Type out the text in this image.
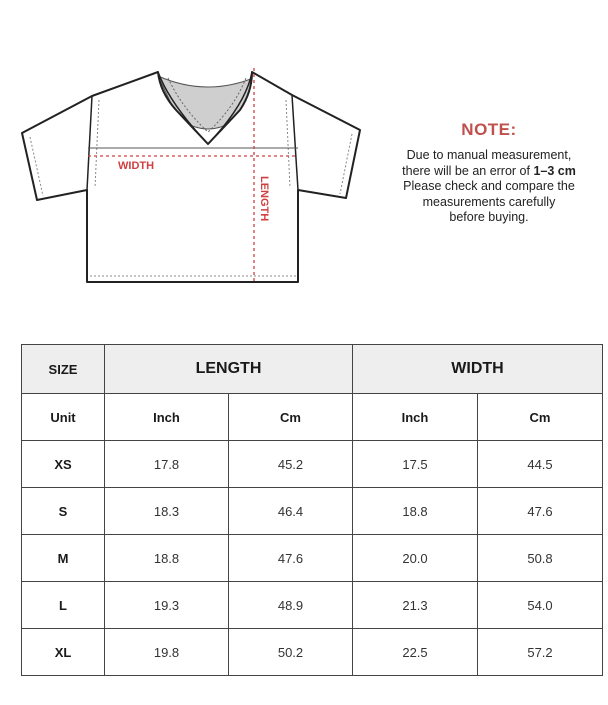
WIDTH
LENGTH
NOTE:
Due to manual measurement,
there will be an error of 1–3 cm
Please check and compare the
measurements carefully
before buying.
SIZE	LENGTH		WIDTH	
Unit	Inch	Cm	Inch	Cm
XS	17.8	45.2	17.5	44.5
S	18.3	46.4	18.8	47.6
M	18.8	47.6	20.0	50.8
L	19.3	48.9	21.3	54.0
XL	19.8	50.2	22.5	57.2
